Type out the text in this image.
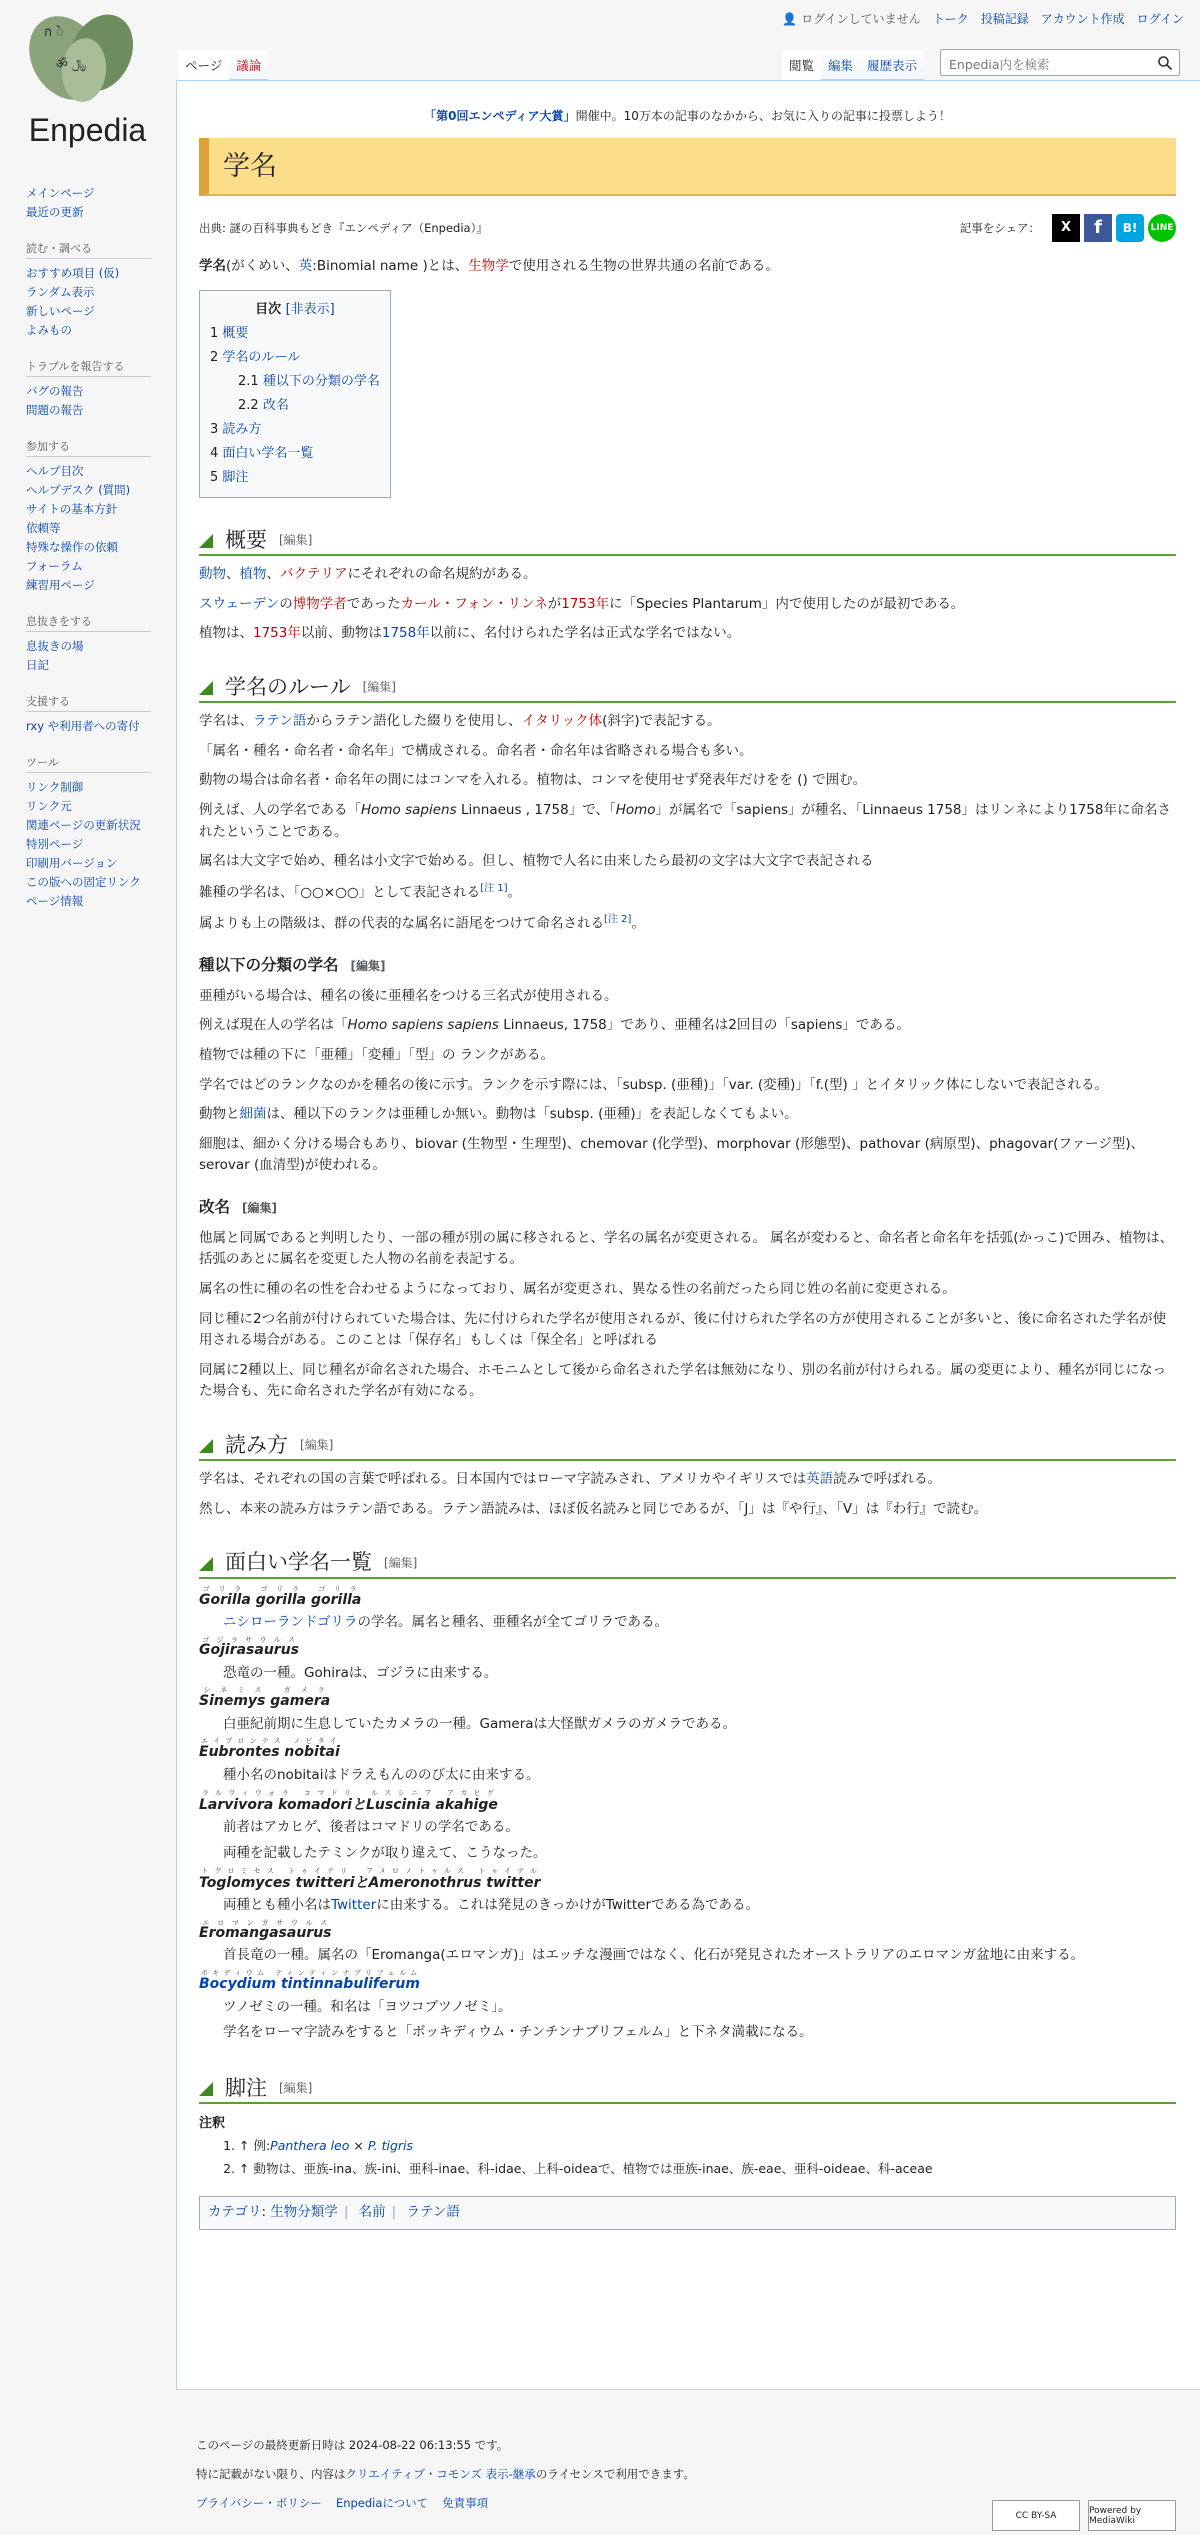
ก ꯥ
ॐ ﷼
Enpedia
👤 ログインしていません トーク 投稿記録 アカウント作成 ログイン
ページ	議論	閲覧	編集	履歴表示	Enpedia内を検索
メインページ
最近の更新
読む・調べる
おすすめ項目 (仮)
ランダム表示
新しいページ
よみもの
トラブルを報告する
バグの報告
問題の報告
参加する
ヘルプ目次
ヘルプデスク (質問)
サイトの基本方針
依頼等
特殊な操作の依頼
フォーラム
練習用ページ
息抜きをする
息抜きの場
日記
支援する
rxy や利用者への寄付
ツール
リンク制御
リンク元
関連ページの更新状況
特別ページ
印刷用バージョン
この版への固定リンク
ページ情報
「第0回エンペディア大賞」開催中。10万本の記事のなかから、お気に入りの記事に投票しよう！
学名
出典: 謎の百科事典もどき『エンペディア（Enpedia）』	記事をシェア：	X	f	B!	LINE

学名(がくめい、英:Binomial name )とは、生物学で使用される生物の世界共通の名前である。

目次 [非表示]
1 概要
2 学名のルール
2.1 種以下の分類の学名
2.2 改名
3 読み方
4 面白い学名一覧
5 脚注
概要 [編集]

動物、植物、バクテリアにそれぞれの命名規約がある。

スウェーデンの博物学者であったカール・フォン・リンネが1753年に「Species Plantarum」内で使用したのが最初である。

植物は、1753年以前、動物は1758年以前に、名付けられた学名は正式な学名ではない。

学名のルール [編集]

学名は、ラテン語からラテン語化した綴りを使用し、イタリック体(斜字)で表記する。

「属名・種名・命名者・命名年」で構成される。命名者・命名年は省略される場合も多い。

動物の場合は命名者・命名年の間にはコンマを入れる。植物は、コンマを使用せず発表年だけをを () で囲む。

例えば、人の学名である「Homo sapiens Linnaeus , 1758」で、「Homo」が属名で「sapiens」が種名、「Linnaeus 1758」はリンネにより1758年に命名されたということである。

属名は大文字で始め、種名は小文字で始める。但し、植物で人名に由来したら最初の文字は大文字で表記される

雑種の学名は、「○○×○○」として表記される[注 1]。

属よりも上の階級は、群の代表的な属名に語尾をつけて命名される[注 2]。

種以下の分類の学名 [編集]

亜種がいる場合は、種名の後に亜種名をつける三名式が使用される。

例えば現在人の学名は「Homo sapiens sapiens Linnaeus, 1758」であり、亜種名は2回目の「sapiens」である。

植物では種の下に「亜種」「変種」「型」の ランクがある。

学名ではどのランクなのかを種名の後に示す。ランクを示す際には、「subsp. (亜種)」「var. (変種)」「f.(型) 」とイタリック体にしないで表記される。

動物と細菌は、種以下のランクは亜種しか無い。動物は「subsp. (亜種)」を表記しなくてもよい。

細胞は、細かく分ける場合もあり、biovar (生物型・生理型)、chemovar (化学型)、morphovar (形態型)、pathovar (病原型)、phagovar(ファージ型)、serovar (血清型)が使われる。

改名 [編集]

他属と同属であると判明したり、一部の種が別の属に移されると、学名の属名が変更される。 属名が変わると、命名者と命名年を括弧(かっこ)で囲み、植物は、括弧のあとに属名を変更した人物の名前を表記する。

属名の性に種の名の性を合わせるようになっており、属名が変更され、異なる性の名前だったら同じ姓の名前に変更される。

同じ種に2つ名前が付けられていた場合は、先に付けられた学名が使用されるが、後に付けられた学名の方が使用されることが多いと、後に命名された学名が使用される場合がある。このことは「保存名」もしくは「保全名」と呼ばれる

同属に2種以上、同じ種名が命名された場合、ホモニムとして後から命名された学名は無効になり、別の名前が付けられる。属の変更により、種名が同じになった場合も、先に命名された学名が有効になる。

読み方 [編集]

学名は、それぞれの国の言葉で呼ばれる。日本国内ではローマ字読みされ、アメリカやイギリスでは英語読みで呼ばれる。

然し、本来の読み方はラテン語である。ラテン語読みは、ほぼ仮名読みと同じであるが、「J」は『や行』、「V」は『わ行』で読む。

面白い学名一覧 [編集]
Gorilla gorilla gorillaゴリラ ゴリラ ゴリラ
ニシローランドゴリラの学名。属名と種名、亜種名が全てゴリラである。
Gojirasaurusゴジラサウルス
恐竜の一種。Gohiraは、ゴジラに由来する。
Sinemys gameraシネミス ガメラ
白亜紀前期に生息していたカメラの一種。Gameraは大怪獣ガメラのガメラである。
Eubrontes nobitaiエイブロンテス ノビタイ
種小名のnobitaiはドラえもんののび太に由来する。
Larvivora komadoriとLuscinia akahigeラルウィウォラ コマドリ　ルスシニア アカヒゲ
前者はアカヒゲ、後者はコマドリの学名である。
両種を記載したテミンクが取り違えて、こうなった。
Toglomyces twitteriとAmeronothrus twitterトグロミセス トゥイテリ　アメロノトゥルス トゥイテル
両種とも種小名はTwitterに由来する。これは発見のきっかけがTwitterである為である。
Eromangasaurusエロマンガサウルス
首長竜の一種。属名の「Eromanga(エロマンガ)」はエッチな漫画ではなく、化石が発見されたオーストラリアのエロマンガ盆地に由来する。
Bocydium tintinnabuliferumボキディウム ティンティンナブリフェルム
ツノゼミの一種。和名は「ヨツコブツノゼミ」。
学名をローマ字読みをすると「ボッキディウム・チンチンナブリフェルム」と下ネタ満載になる。
脚注 [編集]
注釈
1. ↑ 例:Panthera leo × P. tigris
2. ↑ 動物は、亜族-ina、族-ini、亜科-inae、科-idae、上科-oideaで、植物では亜族-inae、族-eae、亜科-oideae、科-aceae
カテゴリ: 生物分類学 | 名前 | ラテン語
このページの最終更新日時は 2024-08-22 06:13:55 です。
特に記載がない限り、内容はクリエイティブ・コモンズ 表示-継承のライセンスで利用できます。
プライバシー・ポリシー Enpediaについて 免責事項
CC BY-SA	Powered by MediaWiki
